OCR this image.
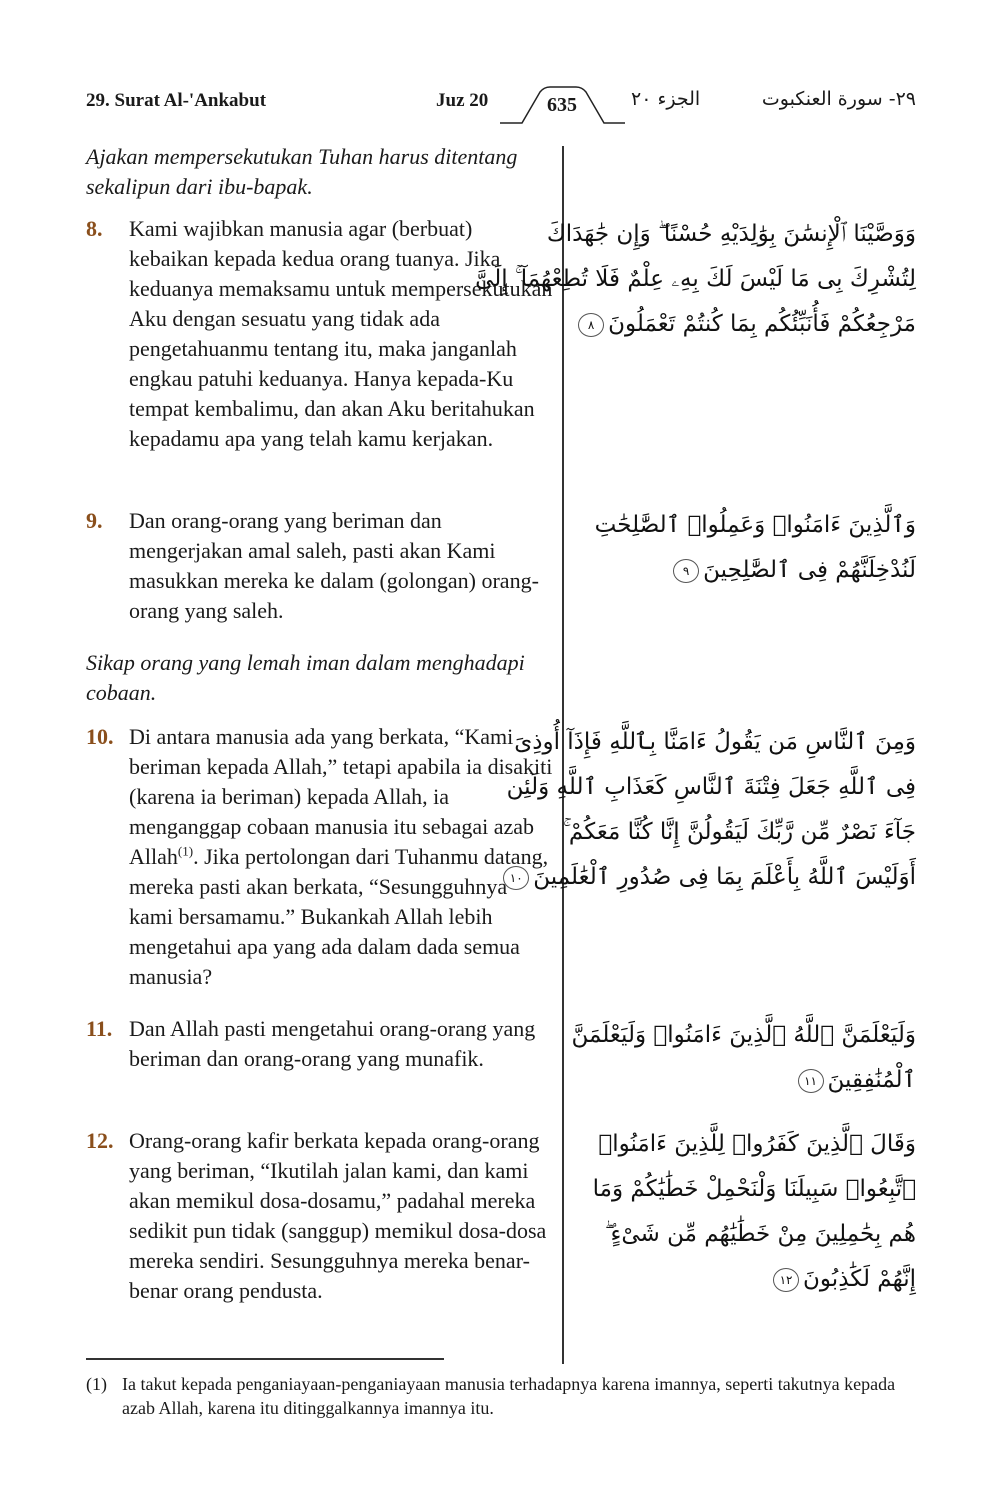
29. Surat Al-'Ankabut	Juz 20	635	الجزء ٢٠	٢٩- سورة العنكبوت
Ajakan mempersekutukan Tuhan harus ditentang sekalipun dari ibu-bapak.
8. Kami wajibkan manusia agar (berbuat) kebaikan kepada kedua orang tuanya. Jika keduanya memaksamu untuk mempersekutukan Aku dengan sesuatu yang tidak ada pengetahuanmu tentang itu, maka janganlah engkau patuhi keduanya. Hanya kepada-Ku tempat kembalimu, dan akan Aku beritahukan kepadamu apa yang telah kamu kerjakan.
وَوَصَّيْنَا ٱلْإِنسَٰنَ بِوَٰلِدَيْهِ حُسْنًا ۖ وَإِن جَٰهَدَاكَ
لِتُشْرِكَ بِى مَا لَيْسَ لَكَ بِهِۦ عِلْمٌ فَلَا تُطِعْهُمَآ ۚ إِلَىَّ
مَرْجِعُكُمْ فَأُنَبِّئُكُم بِمَا كُنتُمْ تَعْمَلُونَ٨
9. Dan orang-orang yang beriman dan mengerjakan amal saleh, pasti akan Kami masukkan mereka ke dalam (golongan) orang-orang yang saleh.
وَٱلَّذِينَ ءَامَنُوا۟ وَعَمِلُوا۟ ٱلصَّٰلِحَٰتِ
لَنُدْخِلَنَّهُمْ فِى ٱلصَّٰلِحِينَ٩
Sikap orang yang lemah iman dalam menghadapi cobaan.
10. Di antara manusia ada yang berkata, “Kami beriman kepada Allah,” tetapi apabila ia disakiti (karena ia beriman) kepada Allah, ia menganggap cobaan manusia itu sebagai azab Allah$^{(1)}$. Jika pertolongan dari Tuhanmu datang, mereka pasti akan berkata, “Sesungguhnya kami bersamamu.” Bukankah Allah lebih mengetahui apa yang ada dalam dada semua manusia?
وَمِنَ ٱلنَّاسِ مَن يَقُولُ ءَامَنَّا بِٱللَّهِ فَإِذَآ أُوذِىَ
فِى ٱللَّهِ جَعَلَ فِتْنَةَ ٱلنَّاسِ كَعَذَابِ ٱللَّهِ وَلَئِن
جَآءَ نَصْرٌ مِّن رَّبِّكَ لَيَقُولُنَّ إِنَّا كُنَّا مَعَكُمْ ۚ
أَوَلَيْسَ ٱللَّهُ بِأَعْلَمَ بِمَا فِى صُدُورِ ٱلْعَٰلَمِينَ١٠
11. Dan Allah pasti mengetahui orang-orang yang beriman dan orang-orang yang munafik.
وَلَيَعْلَمَنَّ ٱللَّهُ ٱلَّذِينَ ءَامَنُوا۟ وَلَيَعْلَمَنَّ
ٱلْمُنَٰفِقِينَ١١
12. Orang-orang kafir berkata kepada orang-orang yang beriman, “Ikutilah jalan kami, dan kami akan memikul dosa-dosamu,” padahal mereka sedikit pun tidak (sanggup) memikul dosa-dosa mereka sendiri. Sesungguhnya mereka benar-benar orang pendusta.
وَقَالَ ٱلَّذِينَ كَفَرُوا۟ لِلَّذِينَ ءَامَنُوا۟
ٱتَّبِعُوا۟ سَبِيلَنَا وَلْنَحْمِلْ خَطَٰيَٰكُمْ وَمَا
هُم بِحَٰمِلِينَ مِنْ خَطَٰيَٰهُم مِّن شَىْءٍ ۖ
إِنَّهُمْ لَكَٰذِبُونَ١٢
(1) Ia takut kepada penganiayaan-penganiayaan manusia terhadapnya karena imannya, seperti takutnya kepada azab Allah, karena itu ditinggalkannya imannya itu.
